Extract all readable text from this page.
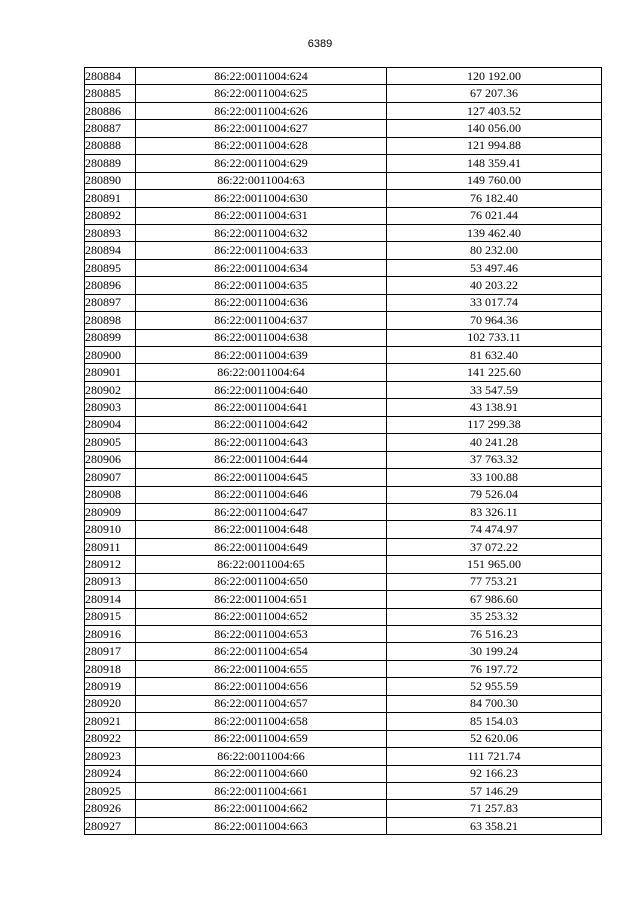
6389
280884	86:22:0011004:624	120 192.00
280885	86:22:0011004:625	67 207.36
280886	86:22:0011004:626	127 403.52
280887	86:22:0011004:627	140 056.00
280888	86:22:0011004:628	121 994.88
280889	86:22:0011004:629	148 359.41
280890	86:22:0011004:63	149 760.00
280891	86:22:0011004:630	76 182.40
280892	86:22:0011004:631	76 021.44
280893	86:22:0011004:632	139 462.40
280894	86:22:0011004:633	80 232.00
280895	86:22:0011004:634	53 497.46
280896	86:22:0011004:635	40 203.22
280897	86:22:0011004:636	33 017.74
280898	86:22:0011004:637	70 964.36
280899	86:22:0011004:638	102 733.11
280900	86:22:0011004:639	81 632.40
280901	86:22:0011004:64	141 225.60
280902	86:22:0011004:640	33 547.59
280903	86:22:0011004:641	43 138.91
280904	86:22:0011004:642	117 299.38
280905	86:22:0011004:643	40 241.28
280906	86:22:0011004:644	37 763.32
280907	86:22:0011004:645	33 100.88
280908	86:22:0011004:646	79 526.04
280909	86:22:0011004:647	83 326.11
280910	86:22:0011004:648	74 474.97
280911	86:22:0011004:649	37 072.22
280912	86:22:0011004:65	151 965.00
280913	86:22:0011004:650	77 753.21
280914	86:22:0011004:651	67 986.60
280915	86:22:0011004:652	35 253.32
280916	86:22:0011004:653	76 516.23
280917	86:22:0011004:654	30 199.24
280918	86:22:0011004:655	76 197.72
280919	86:22:0011004:656	52 955.59
280920	86:22:0011004:657	84 700.30
280921	86:22:0011004:658	85 154.03
280922	86:22:0011004:659	52 620.06
280923	86:22:0011004:66	111 721.74
280924	86:22:0011004:660	92 166.23
280925	86:22:0011004:661	57 146.29
280926	86:22:0011004:662	71 257.83
280927	86:22:0011004:663	63 358.21
